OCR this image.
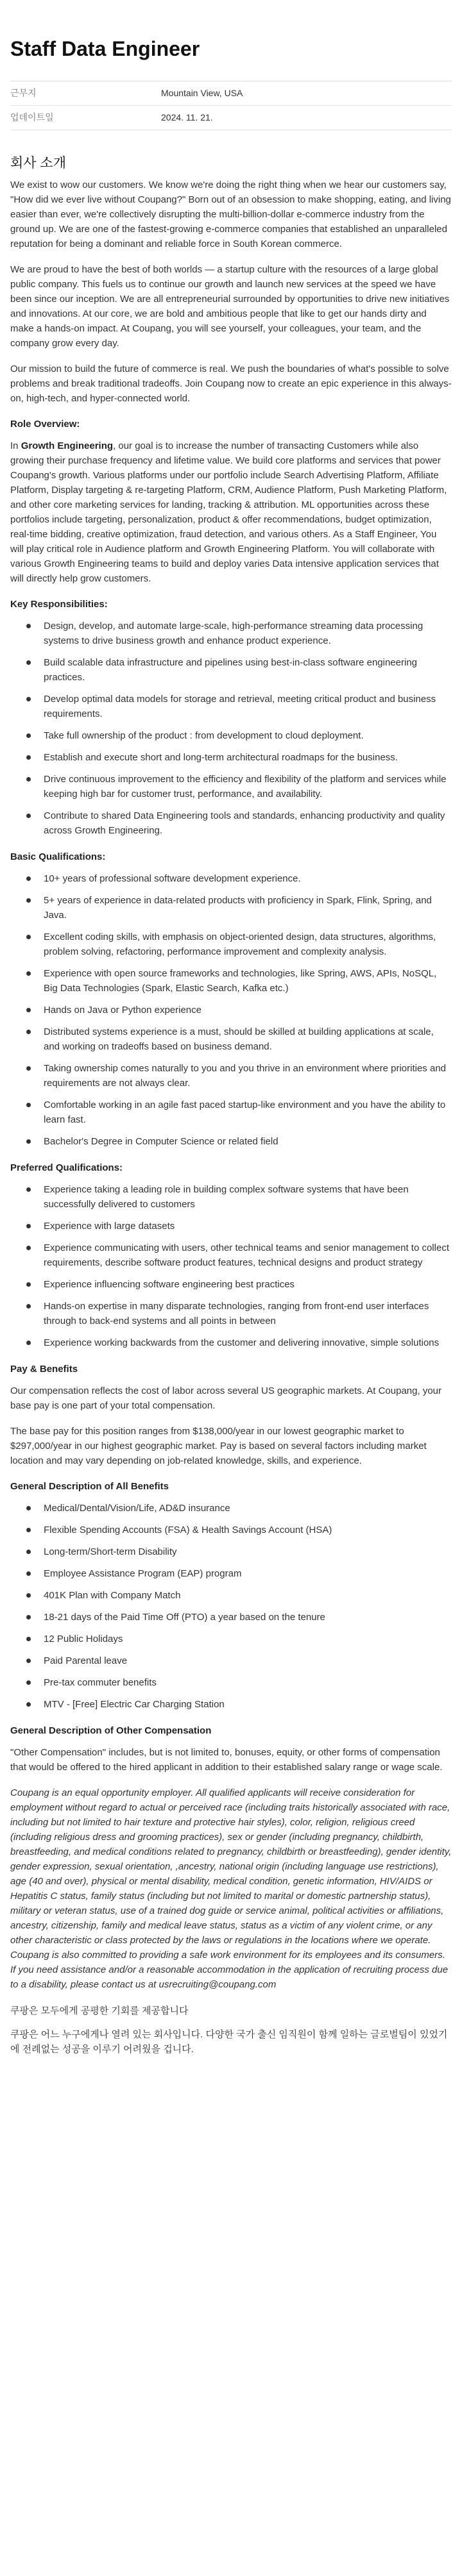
Staff Data Engineer
근무지	Mountain View, USA
업데이트일	2024. 11. 21.
회사 소개

We exist to wow our customers. We know we're doing the right thing when we hear our customers say, "How did we ever live without Coupang?" Born out of an obsession to make shopping, eating, and living easier than ever, we're collectively disrupting the multi-billion-dollar e-commerce industry from the ground up. We are one of the fastest-growing e-commerce companies that established an unparalleled reputation for being a dominant and reliable force in South Korean commerce.

We are proud to have the best of both worlds — a startup culture with the resources of a large global public company. This fuels us to continue our growth and launch new services at the speed we have been since our inception. We are all entrepreneurial surrounded by opportunities to drive new initiatives and innovations. At our core, we are bold and ambitious people that like to get our hands dirty and make a hands-on impact. At Coupang, you will see yourself, your colleagues, your team, and the company grow every day.

Our mission to build the future of commerce is real. We push the boundaries of what's possible to solve problems and break traditional tradeoffs. Join Coupang now to create an epic experience in this always-on, high-tech, and hyper-connected world.

Role Overview:

In Growth Engineering, our goal is to increase the number of transacting Customers while also growing their purchase frequency and lifetime value. We build core platforms and services that power Coupang's growth. Various platforms under our portfolio include Search Advertising Platform, Affiliate Platform, Display targeting & re-targeting Platform, CRM, Audience Platform, Push Marketing Platform, and other core marketing services for landing, tracking & attribution. ML opportunities across these portfolios include targeting, personalization, product & offer recommendations, budget optimization, real-time bidding, creative optimization, fraud detection, and various others. As a Staff Engineer, You will play critical role in Audience platform and Growth Engineering Platform. You will collaborate with various Growth Engineering teams to build and deploy varies Data intensive application services that will directly help grow customers.

Key Responsibilities:
Design, develop, and automate large-scale, high-performance streaming data processing systems to drive business growth and enhance product experience.
Build scalable data infrastructure and pipelines using best-in-class software engineering practices.
Develop optimal data models for storage and retrieval, meeting critical product and business requirements.
Take full ownership of the product : from development to cloud deployment.
Establish and execute short and long-term architectural roadmaps for the business.
Drive continuous improvement to the efficiency and flexibility of the platform and services while keeping high bar for customer trust, performance, and availability.
Contribute to shared Data Engineering tools and standards, enhancing productivity and quality across Growth Engineering.
Basic Qualifications:
10+ years of professional software development experience.
5+ years of experience in data-related products with proficiency in Spark, Flink, Spring, and Java.
Excellent coding skills, with emphasis on object-oriented design, data structures, algorithms, problem solving, refactoring, performance improvement and complexity analysis.
Experience with open source frameworks and technologies, like Spring, AWS, APIs, NoSQL, Big Data Technologies (Spark, Elastic Search, Kafka etc.)
Hands on Java or Python experience
Distributed systems experience is a must, should be skilled at building applications at scale, and working on tradeoffs based on business demand.
Taking ownership comes naturally to you and you thrive in an environment where priorities and requirements are not always clear.
Comfortable working in an agile fast paced startup-like environment and you have the ability to learn fast.
Bachelor's Degree in Computer Science or related field
Preferred Qualifications:
Experience taking a leading role in building complex software systems that have been successfully delivered to customers
Experience with large datasets
Experience communicating with users, other technical teams and senior management to collect requirements, describe software product features, technical designs and product strategy
Experience influencing software engineering best practices
Hands-on expertise in many disparate technologies, ranging from front-end user interfaces through to back-end systems and all points in between
Experience working backwards from the customer and delivering innovative, simple solutions
Pay & Benefits

Our compensation reflects the cost of labor across several US geographic markets. At Coupang, your base pay is one part of your total compensation.

The base pay for this position ranges from $138,000/year in our lowest geographic market to $297,000/year in our highest geographic market. Pay is based on several factors including market location and may vary depending on job-related knowledge, skills, and experience.

General Description of All Benefits
Medical/Dental/Vision/Life, AD&D insurance
Flexible Spending Accounts (FSA) & Health Savings Account (HSA)
Long-term/Short-term Disability
Employee Assistance Program (EAP) program
401K Plan with Company Match
18-21 days of the Paid Time Off (PTO) a year based on the tenure
12 Public Holidays
Paid Parental leave
Pre-tax commuter benefits
MTV - [Free] Electric Car Charging Station
General Description of Other Compensation

"Other Compensation" includes, but is not limited to, bonuses, equity, or other forms of compensation that would be offered to the hired applicant in addition to their established salary range or wage scale.

Coupang is an equal opportunity employer. All qualified applicants will receive consideration for employment without regard to actual or perceived race (including traits historically associated with race, including but not limited to hair texture and protective hair styles), color, religion, religious creed (including religious dress and grooming practices), sex or gender (including pregnancy, childbirth, breastfeeding, and medical conditions related to pregnancy, childbirth or breastfeeding), gender identity, gender expression, sexual orientation, ,ancestry, national origin (including language use restrictions), age (40 and over), physical or mental disability, medical condition, genetic information, HIV/AIDS or Hepatitis C status, family status (including but not limited to marital or domestic partnership status), military or veteran status, use of a trained dog guide or service animal, political activities or affiliations, ancestry, citizenship, family and medical leave status, status as a victim of any violent crime, or any other characteristic or class protected by the laws or regulations in the locations where we operate. Coupang is also committed to providing a safe work environment for its employees and its consumers. If you need assistance and/or a reasonable accommodation in the application of recruiting process due to a disability, please contact us at usrecruiting@coupang.com

쿠팡은 모두에게 공평한 기회를 제공합니다

쿠팡은 어느 누구에게나 열려 있는 회사입니다. 다양한 국가 출신 임직원이 함께 일하는 글로벌팀이 있었기에 전례없는 성공을 이루기 어려웠을 겁니다.
